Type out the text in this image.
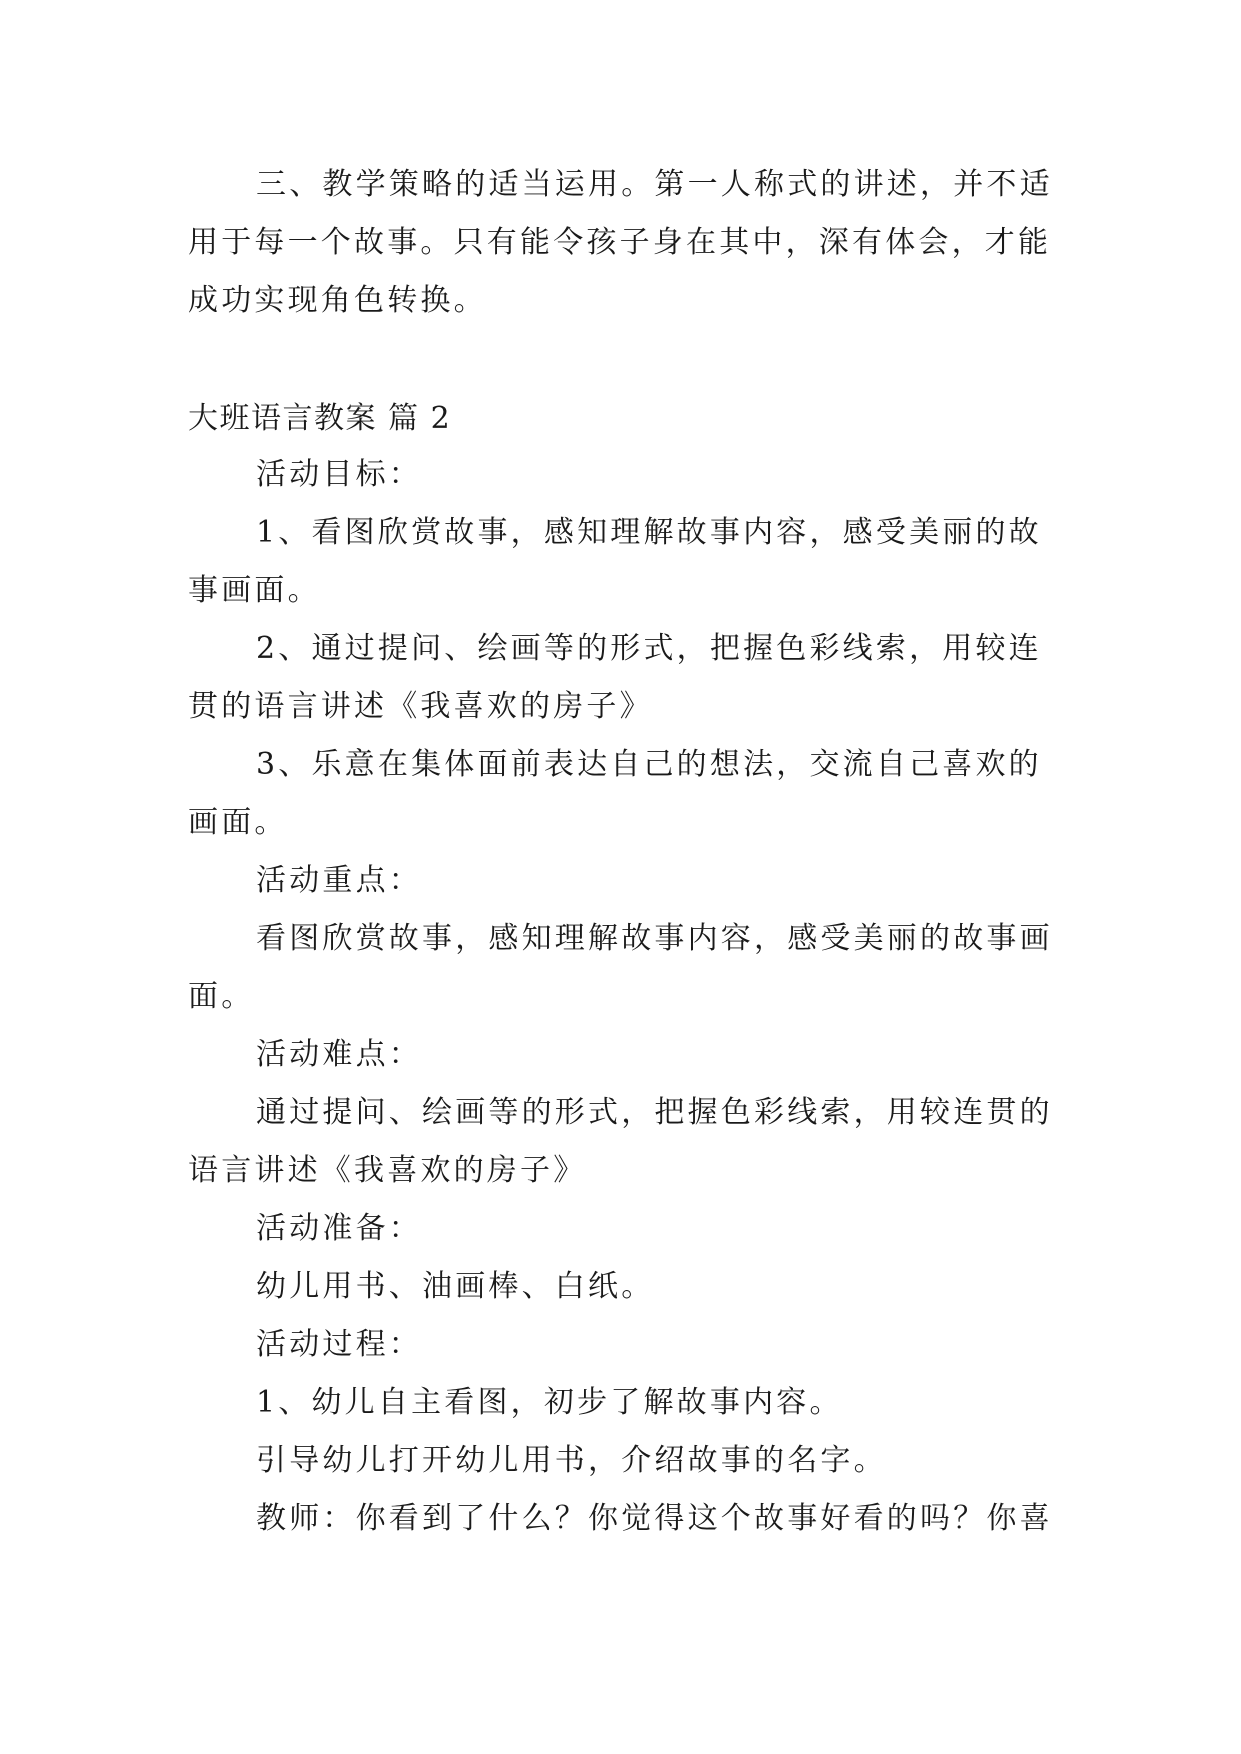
三、教学策略的适当运用。第一人称式的讲述，并不适
用于每一个故事。只有能令孩子身在其中，深有体会，才能
成功实现角色转换。
大班语言教案 篇 2
活动目标：
1、看图欣赏故事，感知理解故事内容，感受美丽的故
事画面。
2、通过提问、绘画等的形式，把握色彩线索，用较连
贯的语言讲述《我喜欢的房子》
3、乐意在集体面前表达自己的想法，交流自己喜欢的
画面。
活动重点：
看图欣赏故事，感知理解故事内容，感受美丽的故事画
面。
活动难点：
通过提问、绘画等的形式，把握色彩线索，用较连贯的
语言讲述《我喜欢的房子》
活动准备：
幼儿用书、油画棒、白纸。
活动过程：
1、幼儿自主看图，初步了解故事内容。
引导幼儿打开幼儿用书，介绍故事的名字。
教师：你看到了什么？你觉得这个故事好看的吗？你喜
